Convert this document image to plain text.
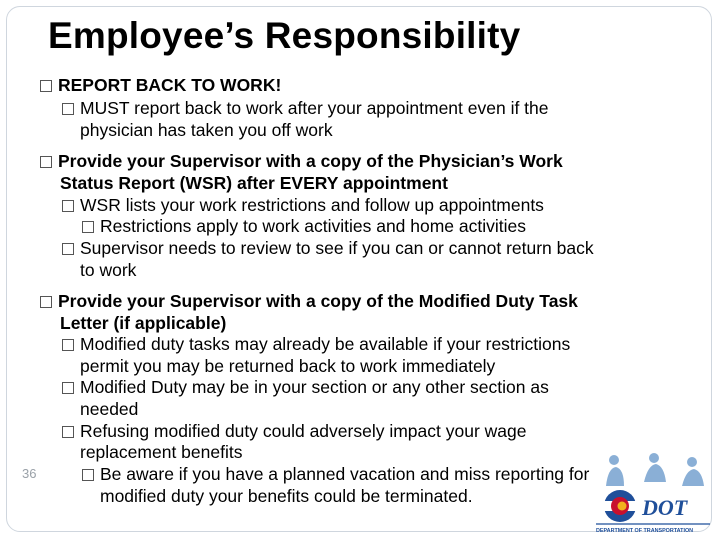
Employee’s Responsibility
REPORT BACK TO WORK!
MUST report back to work after your appointment even if the
physician has taken you off work
Provide your Supervisor with a copy of the Physician’s Work
Status Report (WSR) after EVERY appointment
WSR lists your work restrictions and follow up appointments
Restrictions apply to work activities and home activities
Supervisor needs to review to see if you can or cannot return back
to work
Provide your Supervisor with a copy of the Modified Duty Task
Letter (if applicable)
Modified duty tasks may already be available if your restrictions
permit you may be returned back to work immediately
Modified Duty may be in your section or any other section as
needed
Refusing modified duty could adversely impact your wage
replacement benefits
Be aware if you have a planned vacation and miss reporting for
modified duty your benefits could be terminated.
36
DOT
DEPARTMENT OF TRANSPORTATION
